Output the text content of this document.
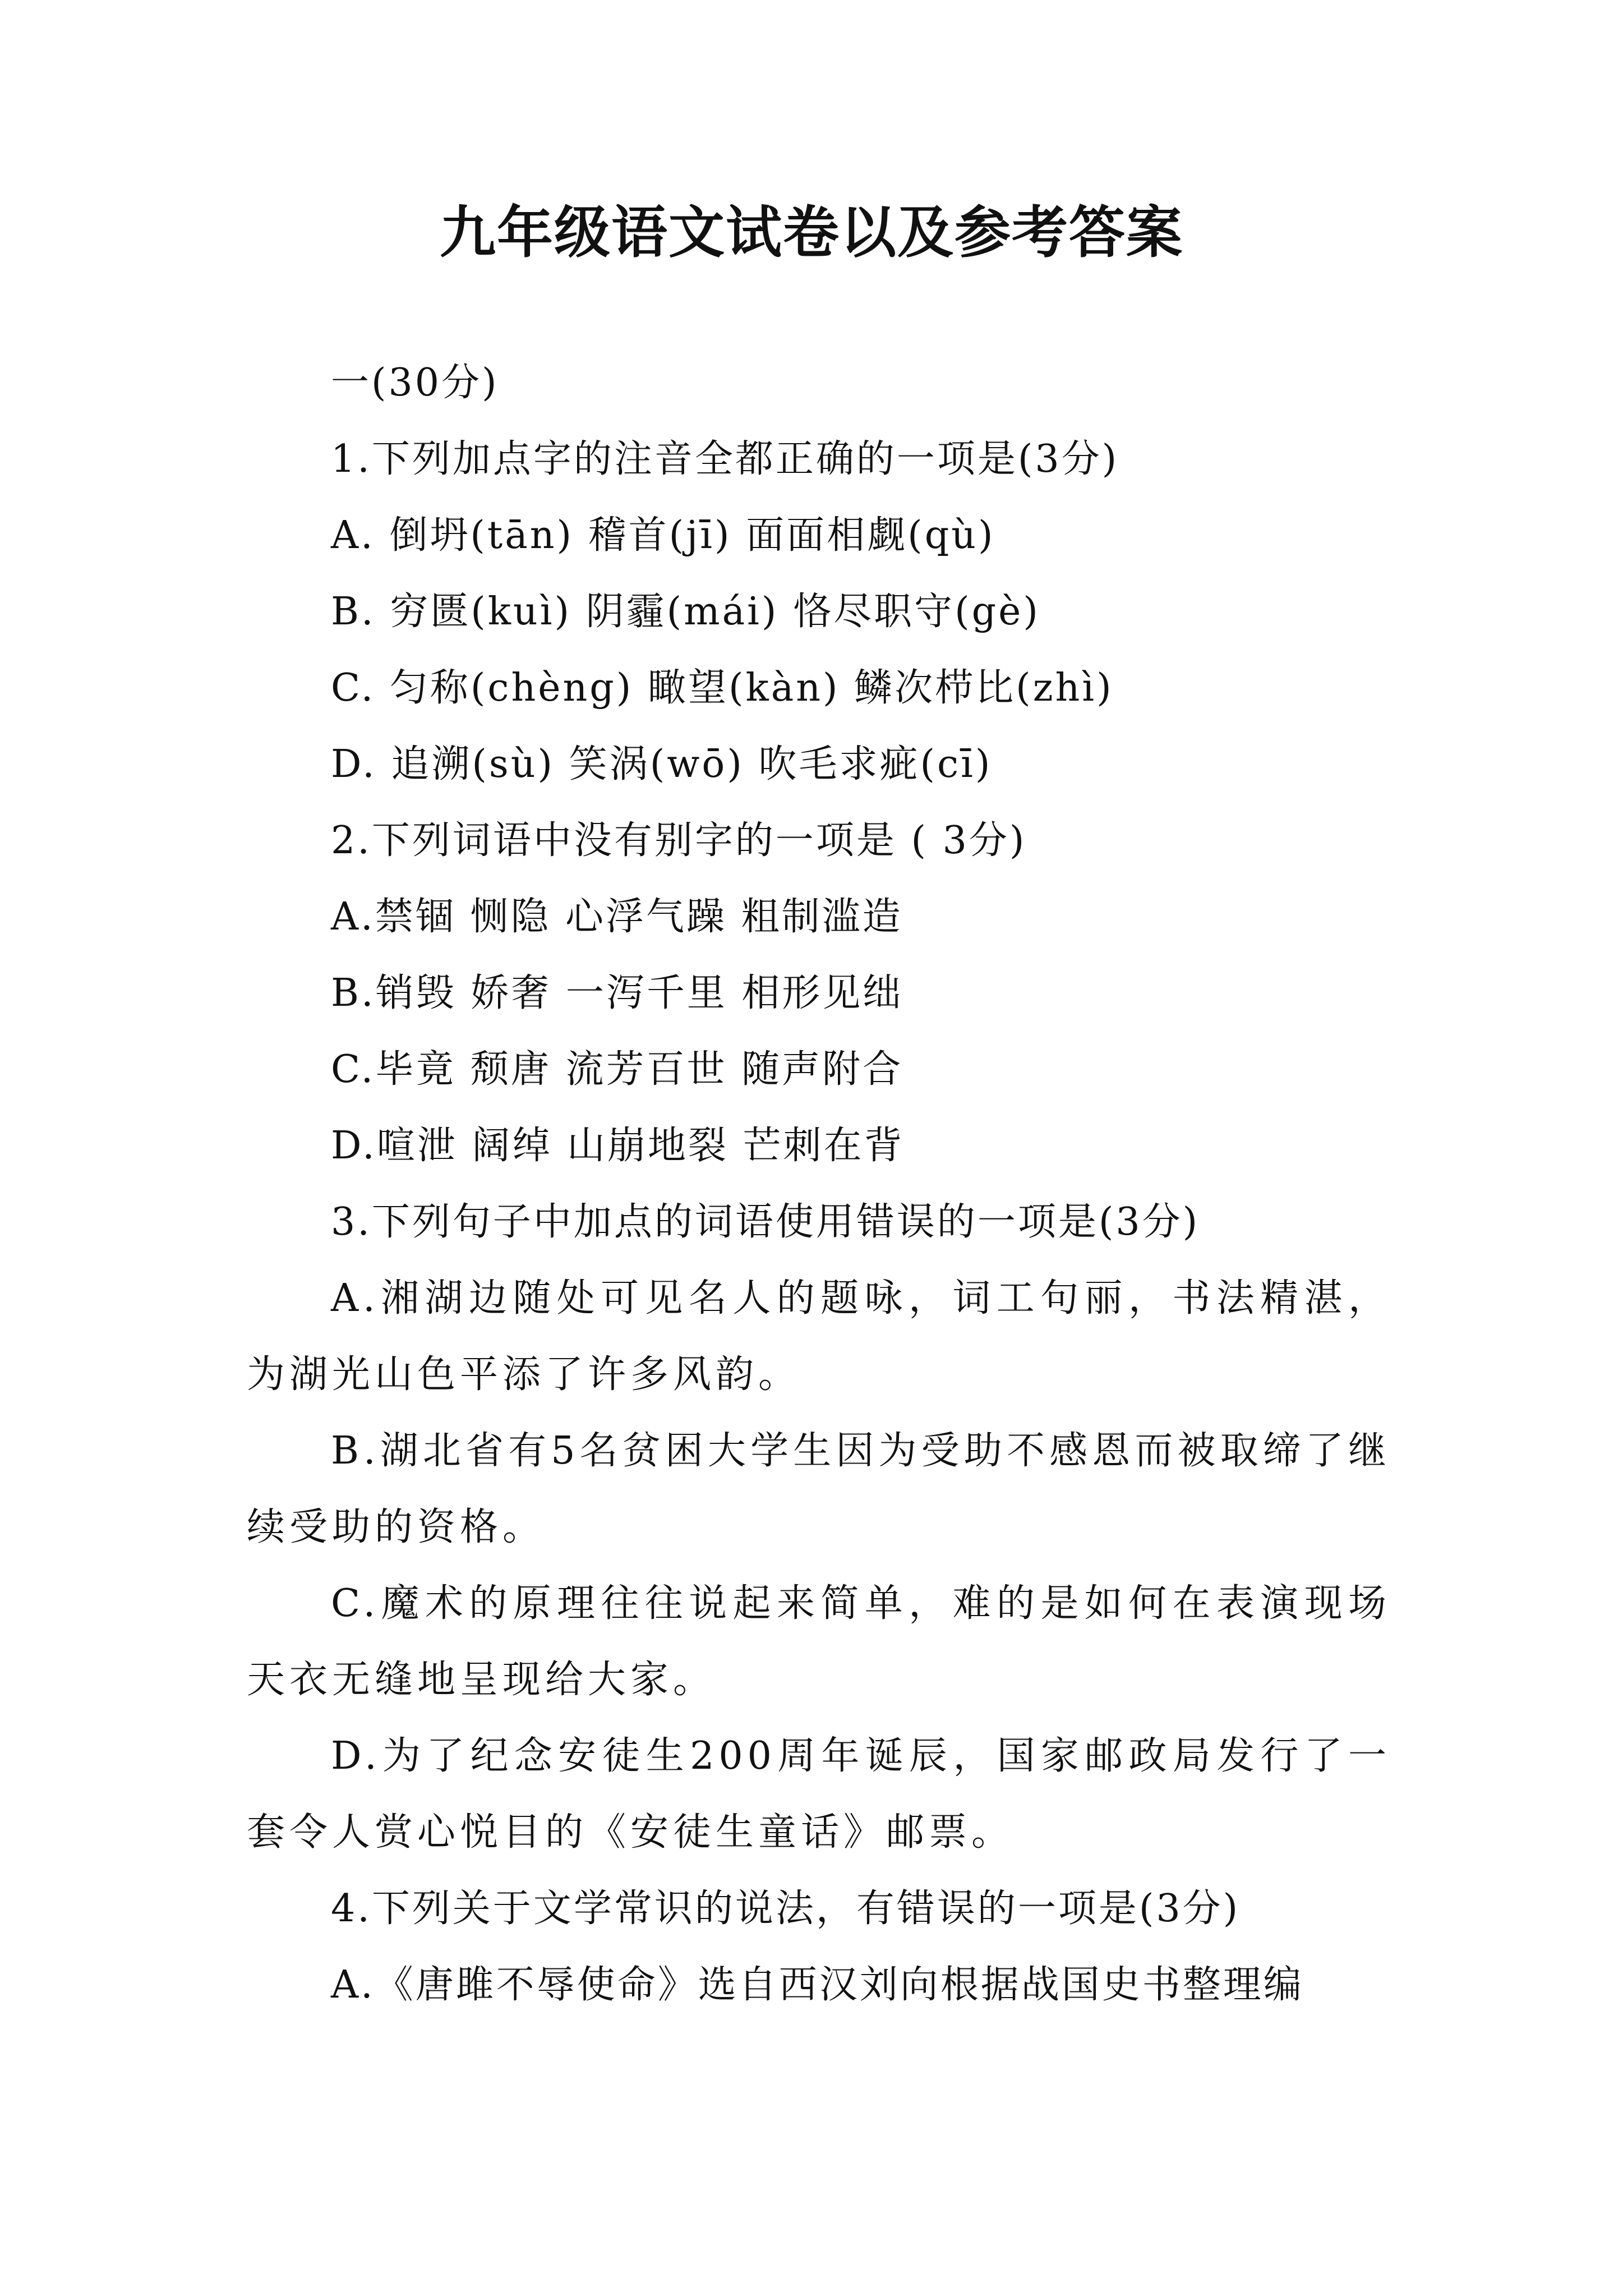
九年级语文试卷以及参考答案
一(30分)
1.下列加点字的注音全都正确的一项是(3分)
A. 倒坍(tān) 稽首(jī) 面面相觑(qù)
B. 穷匮(kuì) 阴霾(mái) 恪尽职守(gè)
C. 匀称(chèng) 瞰望(kàn) 鳞次栉比(zhì)
D. 追溯(sù) 笑涡(wō) 吹毛求疵(cī)
2.下列词语中没有别字的一项是 ( 3分)
A.禁锢 恻隐 心浮气躁 粗制滥造
B.销毁 娇奢 一泻千里 相形见绌
C.毕竟 颓唐 流芳百世 随声附合
D.喧泄 阔绰 山崩地裂 芒刺在背
3.下列句子中加点的词语使用错误的一项是(3分)
A.湘湖边随处可见名人的题咏，词工句丽，书法精湛，为湖光山色平添了许多风韵。
B.湖北省有5名贫困大学生因为受助不感恩而被取缔了继续受助的资格。
C.魔术的原理往往说起来简单，难的是如何在表演现场天衣无缝地呈现给大家。
D.为了纪念安徒生200周年诞辰，国家邮政局发行了一套令人赏心悦目的《安徒生童话》邮票。
4.下列关于文学常识的说法，有错误的一项是(3分)
A.《唐雎不辱使命》选自西汉刘向根据战国史书整理编
